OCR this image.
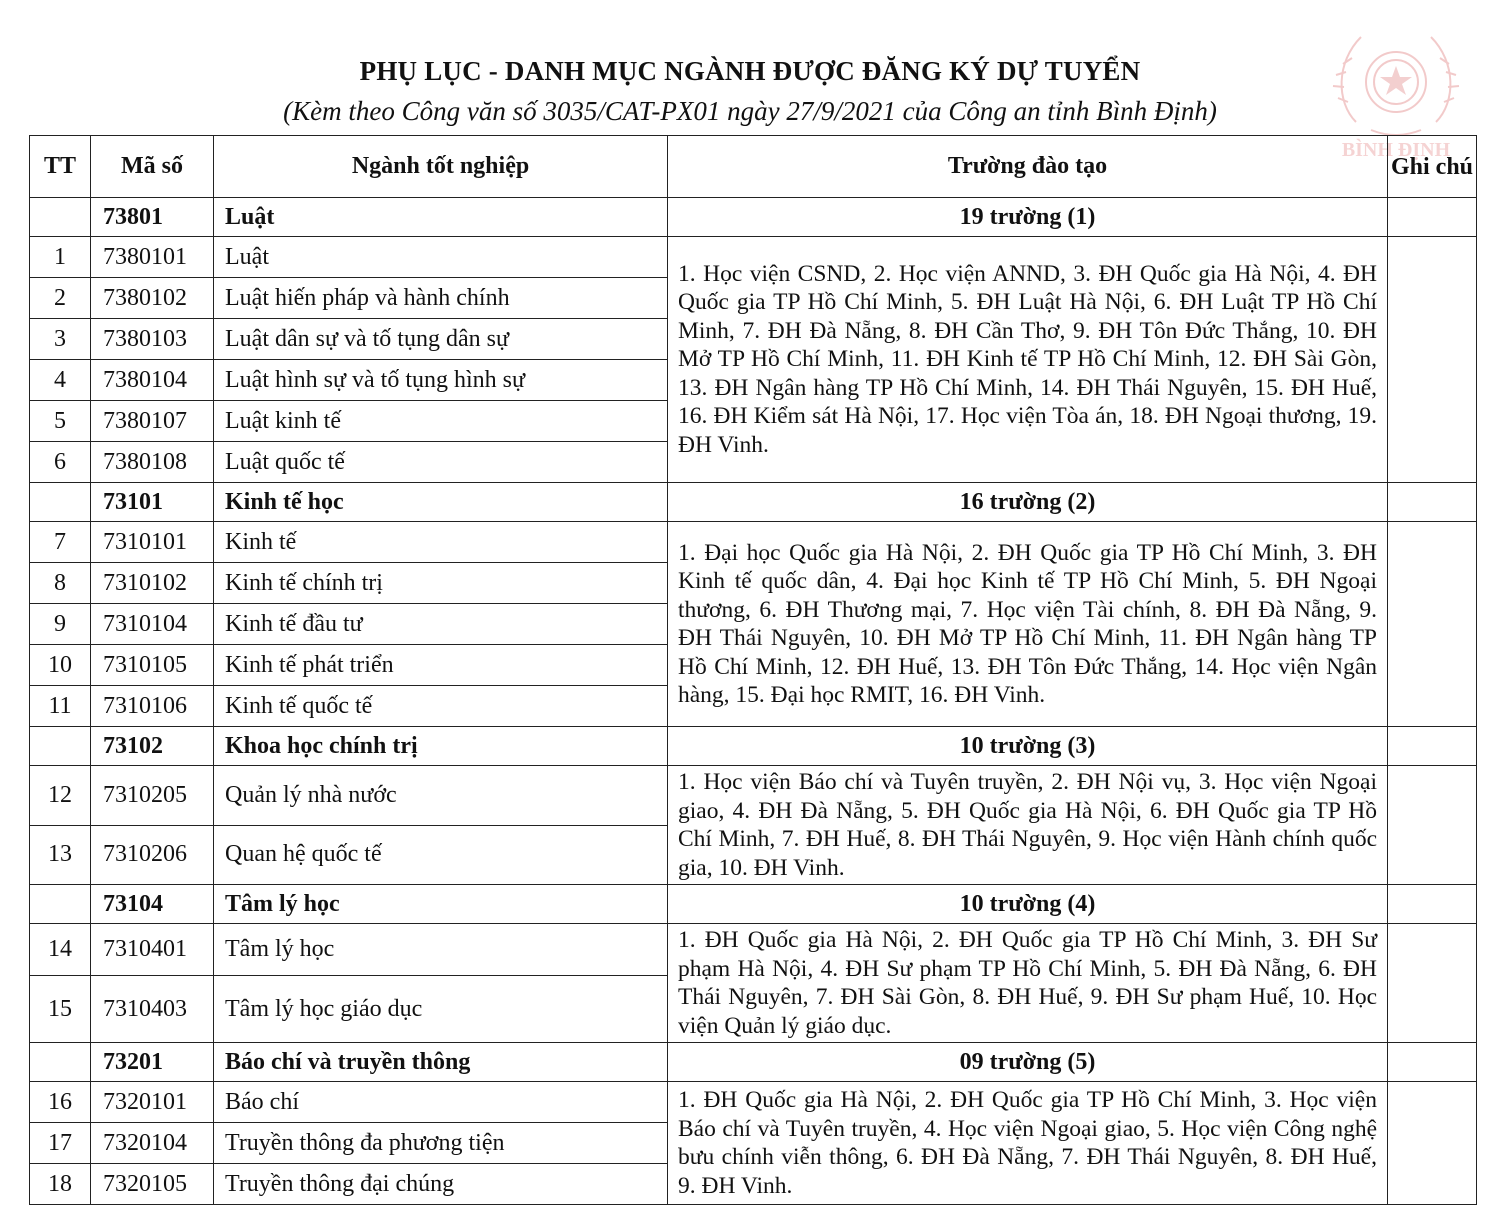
PHỤ LỤC - DANH MỤC NGÀNH ĐƯỢC ĐĂNG KÝ DỰ TUYỂN
(Kèm theo Công văn số 3035/CAT-PX01 ngày 27/9/2021 của Công an tỉnh Bình Định)
BÌNH ĐỊNH
TT	Mã số	Ngành tốt nghiệp	Trường đào tạo	Ghi chú
	73801	Luật	19 trường (1)	
1	7380101	Luật	1. Học viện CSND, 2. Học viện ANND, 3. ĐH Quốc gia Hà Nội, 4. ĐH Quốc gia TP Hồ Chí Minh, 5. ĐH Luật Hà Nội, 6. ĐH Luật TP Hồ Chí Minh, 7. ĐH Đà Nẵng, 8. ĐH Cần Thơ, 9. ĐH Tôn Đức Thắng, 10. ĐH Mở TP Hồ Chí Minh, 11. ĐH Kinh tế TP Hồ Chí Minh, 12. ĐH Sài Gòn, 13. ĐH Ngân hàng TP Hồ Chí Minh, 14. ĐH Thái Nguyên, 15. ĐH Huế, 16. ĐH Kiểm sát Hà Nội, 17. Học viện Tòa án, 18. ĐH Ngoại thương, 19. ĐH Vinh.	
2	7380102	Luật hiến pháp và hành chính		
3	7380103	Luật dân sự và tố tụng dân sự		
4	7380104	Luật hình sự và tố tụng hình sự		
5	7380107	Luật kinh tế		
6	7380108	Luật quốc tế		
	73101	Kinh tế học	16 trường (2)	
7	7310101	Kinh tế	1. Đại học Quốc gia Hà Nội, 2. ĐH Quốc gia TP Hồ Chí Minh, 3. ĐH Kinh tế quốc dân, 4. Đại học Kinh tế TP Hồ Chí Minh, 5. ĐH Ngoại thương, 6. ĐH Thương mại, 7. Học viện Tài chính, 8. ĐH Đà Nẵng, 9. ĐH Thái Nguyên, 10. ĐH Mở TP Hồ Chí Minh, 11. ĐH Ngân hàng TP Hồ Chí Minh, 12. ĐH Huế, 13. ĐH Tôn Đức Thắng, 14. Học viện Ngân hàng, 15. Đại học RMIT, 16. ĐH Vinh.	
8	7310102	Kinh tế chính trị		
9	7310104	Kinh tế đầu tư		
10	7310105	Kinh tế phát triển		
11	7310106	Kinh tế quốc tế		
	73102	Khoa học chính trị	10 trường (3)	
12	7310205	Quản lý nhà nước	1. Học viện Báo chí và Tuyên truyền, 2. ĐH Nội vụ, 3. Học viện Ngoại giao, 4. ĐH Đà Nẵng, 5. ĐH Quốc gia Hà Nội, 6. ĐH Quốc gia TP Hồ Chí Minh, 7. ĐH Huế, 8. ĐH Thái Nguyên, 9. Học viện Hành chính quốc gia, 10. ĐH Vinh.	
13	7310206	Quan hệ quốc tế		
	73104	Tâm lý học	10 trường (4)	
14	7310401	Tâm lý học	1. ĐH Quốc gia Hà Nội, 2. ĐH Quốc gia TP Hồ Chí Minh, 3. ĐH Sư phạm Hà Nội, 4. ĐH Sư phạm TP Hồ Chí Minh, 5. ĐH Đà Nẵng, 6. ĐH Thái Nguyên, 7. ĐH Sài Gòn, 8. ĐH Huế, 9. ĐH Sư phạm Huế, 10. Học viện Quản lý giáo dục.	
15	7310403	Tâm lý học giáo dục		
	73201	Báo chí và truyền thông	09 trường (5)	
16	7320101	Báo chí	1. ĐH Quốc gia Hà Nội, 2. ĐH Quốc gia TP Hồ Chí Minh, 3. Học viện Báo chí và Tuyên truyền, 4. Học viện Ngoại giao, 5. Học viện Công nghệ bưu chính viễn thông, 6. ĐH Đà Nẵng, 7. ĐH Thái Nguyên, 8. ĐH Huế, 9. ĐH Vinh.	
17	7320104	Truyền thông đa phương tiện		
18	7320105	Truyền thông đại chúng		
